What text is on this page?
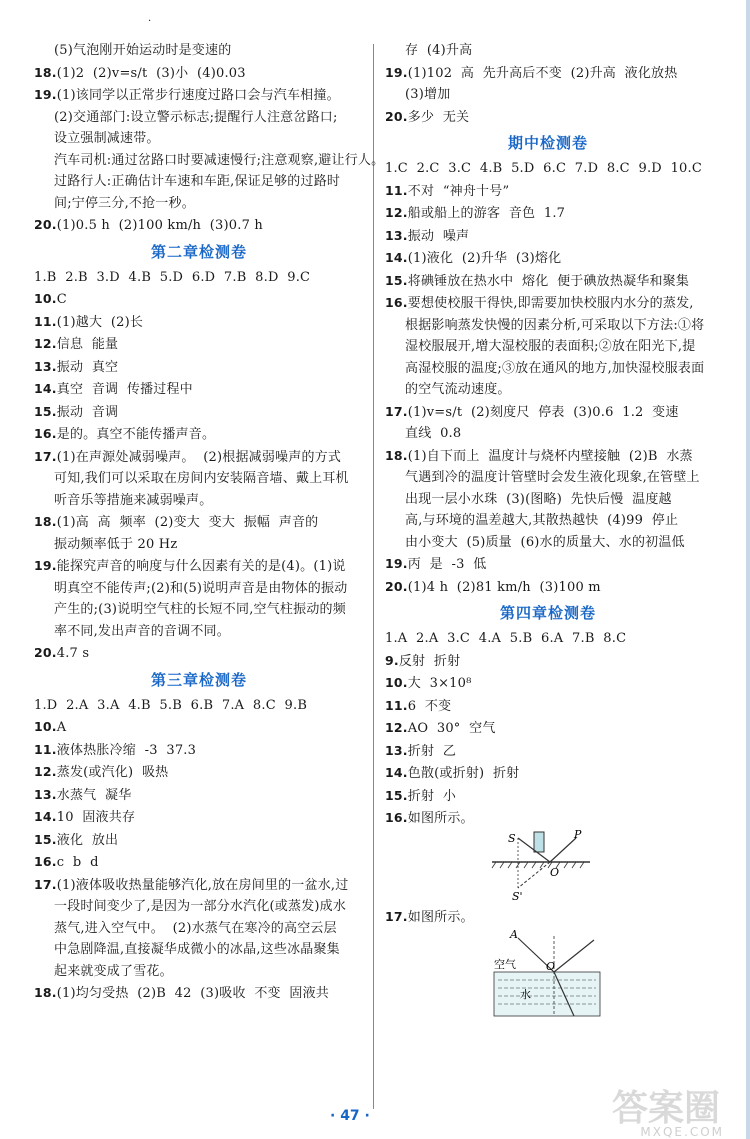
·
(5)气泡刚开始运动时是变速的
18.(1)2  (2)v=s/t  (3)小  (4)0.03
19.(1)该同学以正常步行速度过路口会与汽车相撞。
(2)交通部门:设立警示标志;提醒行人注意岔路口;
设立强制减速带。
汽车司机:通过岔路口时要减速慢行;注意观察,避让行人。
过路行人:正确估计车速和车距,保证足够的过路时
间;宁停三分,不抢一秒。
20.(1)0.5 h  (2)100 km/h  (3)0.7 h
第二章检测卷
1.B  2.B  3.D  4.B  5.D  6.D  7.B  8.D  9.C
10.C
11.(1)越大  (2)长
12.信息  能量
13.振动  真空
14.真空  音调  传播过程中
15.振动  音调
16.是的。真空不能传播声音。
17.(1)在声源处减弱噪声。  (2)根据减弱噪声的方式
可知,我们可以采取在房间内安装隔音墙、戴上耳机
听音乐等措施来减弱噪声。
18.(1)高  高  频率  (2)变大  变大  振幅  声音的
振动频率低于 20 Hz
19.能探究声音的响度与什么因素有关的是(4)。(1)说
明真空不能传声;(2)和(5)说明声音是由物体的振动
产生的;(3)说明空气柱的长短不同,空气柱振动的频
率不同,发出声音的音调不同。
20.4.7 s
第三章检测卷
1.D  2.A  3.A  4.B  5.B  6.B  7.A  8.C  9.B
10.A
11.液体热胀冷缩  -3  37.3
12.蒸发(或汽化)  吸热
13.水蒸气  凝华
14.10  固液共存
15.液化  放出
16.c  b  d
17.(1)液体吸收热量能够汽化,放在房间里的一盆水,过
一段时间变少了,是因为一部分水汽化(或蒸发)成水
蒸气,进入空气中。  (2)水蒸气在寒冷的高空云层
中急剧降温,直接凝华成微小的冰晶,这些冰晶聚集
起来就变成了雪花。
18.(1)均匀受热  (2)B  42  (3)吸收  不变  固液共
存  (4)升高
19.(1)102  高  先升高后不变  (2)升高  液化放热
(3)增加
20.多少  无关
期中检测卷
1.C  2.C  3.C  4.B  5.D  6.C  7.D  8.C  9.D  10.C
11.不对  “神舟十号”
12.船或船上的游客  音色  1.7
13.振动  噪声
14.(1)液化  (2)升华  (3)熔化
15.将碘锤放在热水中  熔化  便于碘放热凝华和聚集
16.要想使校服干得快,即需要加快校服内水分的蒸发,
根据影响蒸发快慢的因素分析,可采取以下方法:①将
湿校服展开,增大湿校服的表面积;②放在阳光下,提
高湿校服的温度;③放在通风的地方,加快湿校服表面
的空气流动速度。
17.(1)v=s/t  (2)刻度尺  停表  (3)0.6  1.2  变速
直线  0.8
18.(1)自下而上  温度计与烧杯内壁接触  (2)B  水蒸
气遇到冷的温度计管壁时会发生液化现象,在管壁上
出现一层小水珠  (3)(图略)  先快后慢  温度越
高,与环境的温差越大,其散热越快  (4)99  停止
由小变大  (5)质量  (6)水的质量大、水的初温低
19.丙  是  -3  低
20.(1)4 h  (2)81 km/h  (3)100 m
第四章检测卷
1.A  2.A  3.C  4.A  5.B  6.A  7.B  8.C
9.反射  折射
10.大  3×10⁸
11.6  不变
12.AO  30°  空气
13.折射  乙
14.色散(或折射)  折射
15.折射  小
16.如图所示。
S	P
O
S'
17.如图所示。
A
空气
水
O
· 47 ·	答案圈
MXQE.COM
